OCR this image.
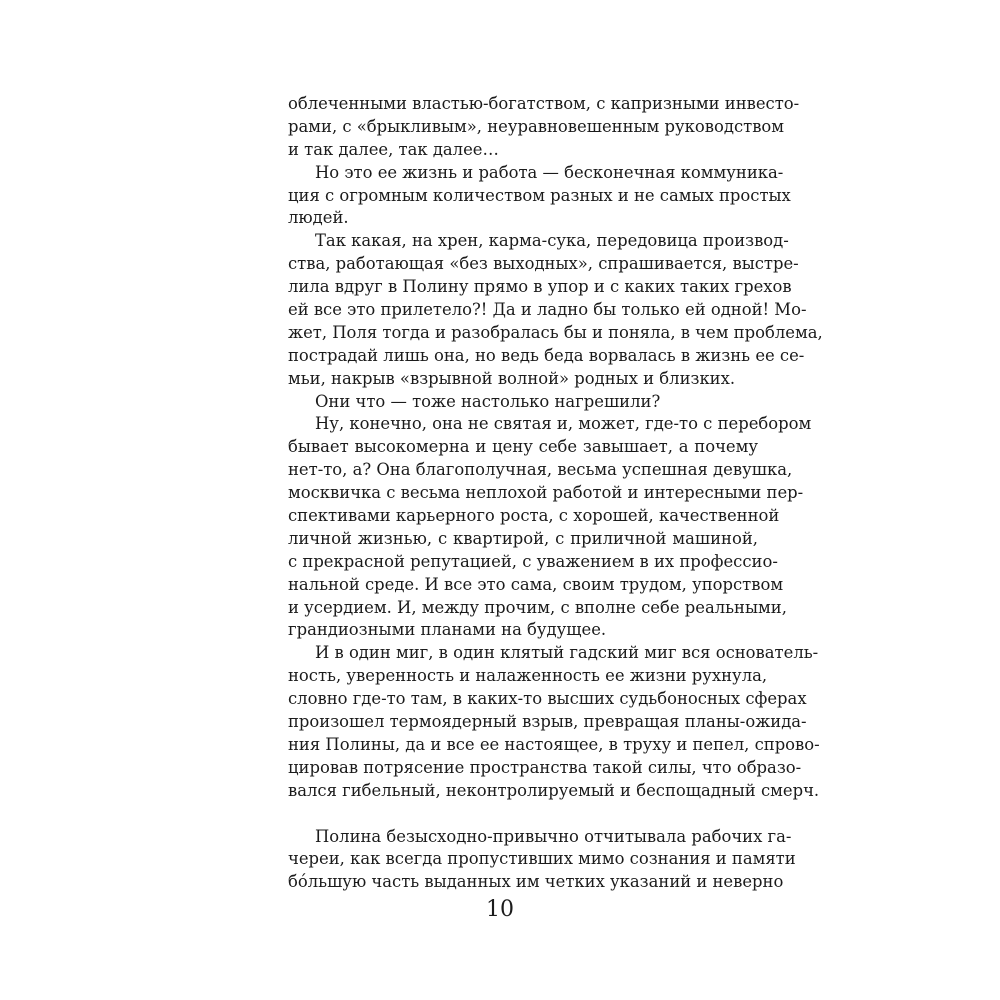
облеченными властью-богатством, с капризными инвесто-
рами, с «брыкливым», неуравновешенным руководством
и так далее, так далее…
Но это ее жизнь и работа — бесконечная коммуника-
ция с огромным количеством разных и не самых простых
людей.
Так какая, на хрен, карма-сука, передовица производ-
ства, работающая «без выходных», спрашивается, выстре-
лила вдруг в Полину прямо в упор и с каких таких грехов
ей все это прилетело?! Да и ладно бы только ей одной! Мо-
жет, Поля тогда и разобралась бы и поняла, в чем проблема,
пострадай лишь она, но ведь беда ворвалась в жизнь ее се-
мьи, накрыв «взрывной волной» родных и близких.
Они что — тоже настолько нагрешили?
Ну, конечно, она не святая и, может, где-то с перебором
бывает высокомерна и цену себе завышает, а почему
нет-то, а? Она благополучная, весьма успешная девушка,
москвичка с весьма неплохой работой и интересными пер-
спективами карьерного роста, с хорошей, качественной
личной жизнью, с квартирой, с приличной машиной,
с прекрасной репутацией, с уважением в их профессио-
нальной среде. И все это сама, своим трудом, упорством
и усердием. И, между прочим, с вполне себе реальными,
грандиозными планами на будущее.
И в один миг, в один клятый гадский миг вся основатель-
ность, уверенность и налаженность ее жизни рухнула,
словно где-то там, в каких-то высших судьбоносных сферах
произошел термоядерный взрыв, превращая планы-ожида-
ния Полины, да и все ее настоящее, в труху и пепел, спрово-
цировав потрясение пространства такой силы, что образо-
вался гибельный, неконтролируемый и беспощадный смерч.
Полина безысходно-привычно отчитывала рабочих га-
череи, как всегда пропустивших мимо сознания и памяти
бóльшую часть выданных им четких указаний и неверно
10
